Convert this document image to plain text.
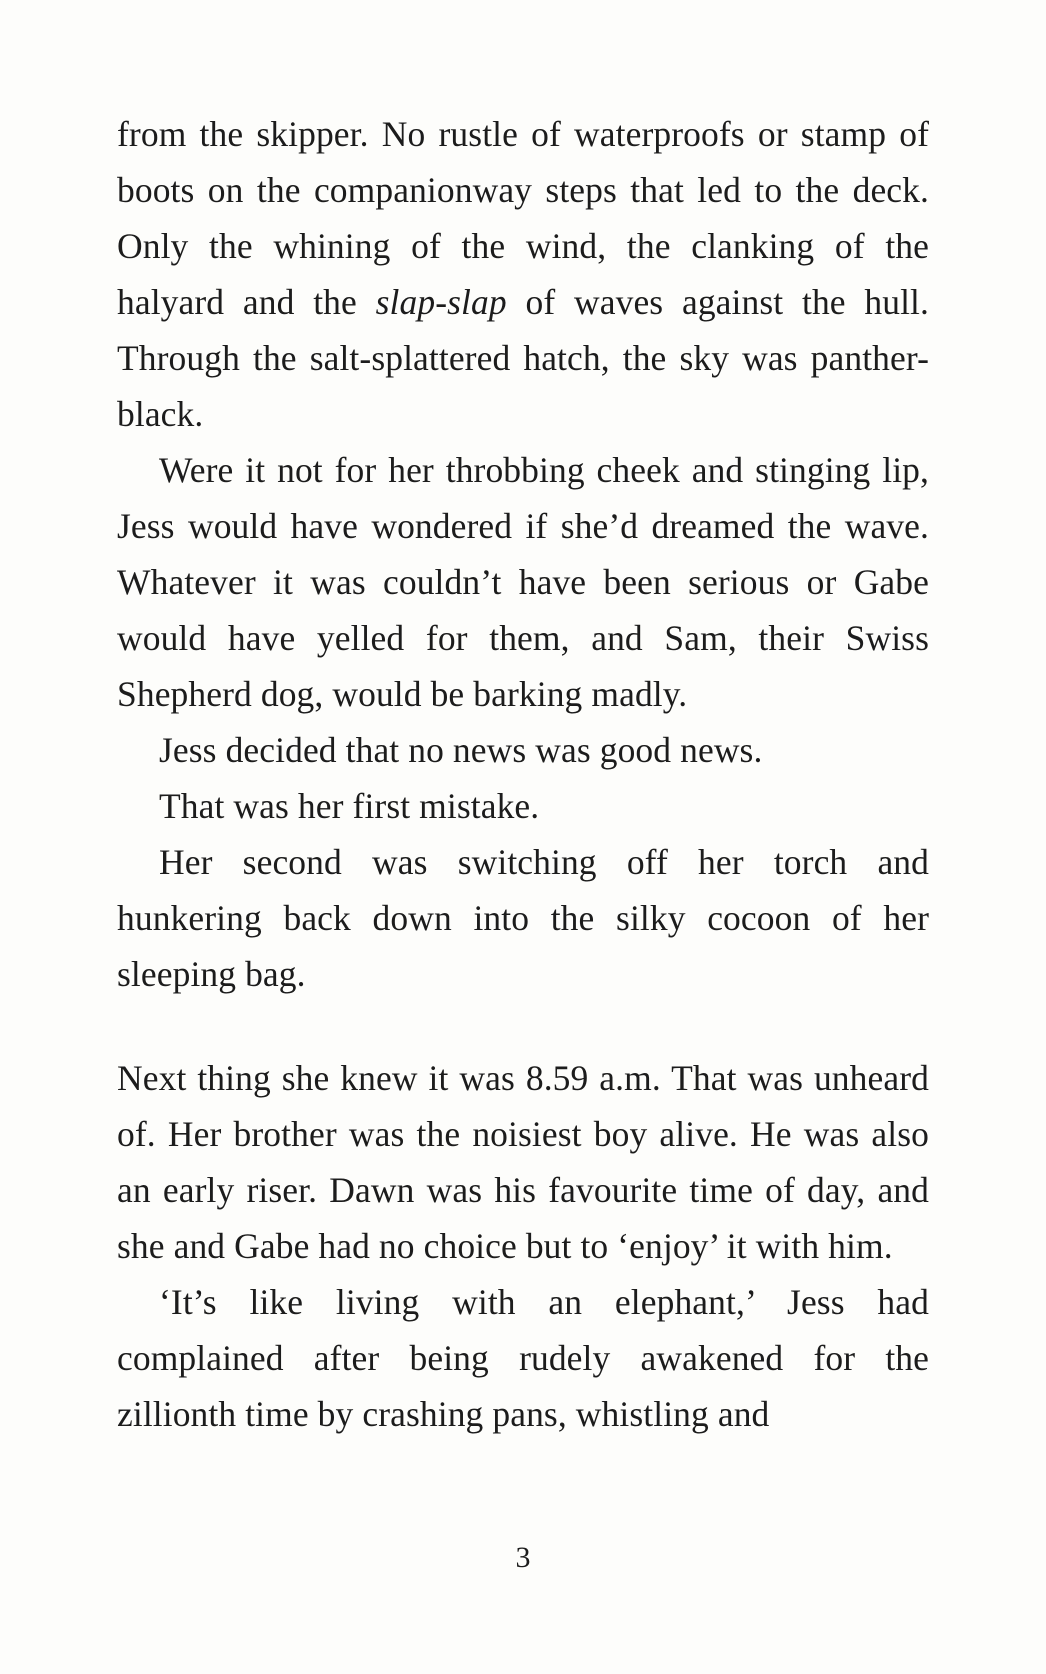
from the skipper. No rustle of waterproofs or stamp of boots on the companionway steps that led to the deck. Only the whining of the wind, the clanking of the halyard and the slap-slap of waves against the hull. Through the salt-splattered hatch, the sky was panther-black.

Were it not for her throbbing cheek and stinging lip, Jess would have wondered if she’d dreamed the wave. Whatever it was couldn’t have been serious or Gabe would have yelled for them, and Sam, their Swiss Shepherd dog, would be barking madly.

Jess decided that no news was good news.

That was her first mistake.

Her second was switching off her torch and hunkering back down into the silky cocoon of her sleeping bag.

Next thing she knew it was 8.59 a.m. That was unheard of. Her brother was the noisiest boy alive. He was also an early riser. Dawn was his favourite time of day, and she and Gabe had no choice but to ‘enjoy’ it with him.

‘It’s like living with an elephant,’ Jess had complained after being rudely awakened for the zillionth time by crashing pans, whistling and

3
